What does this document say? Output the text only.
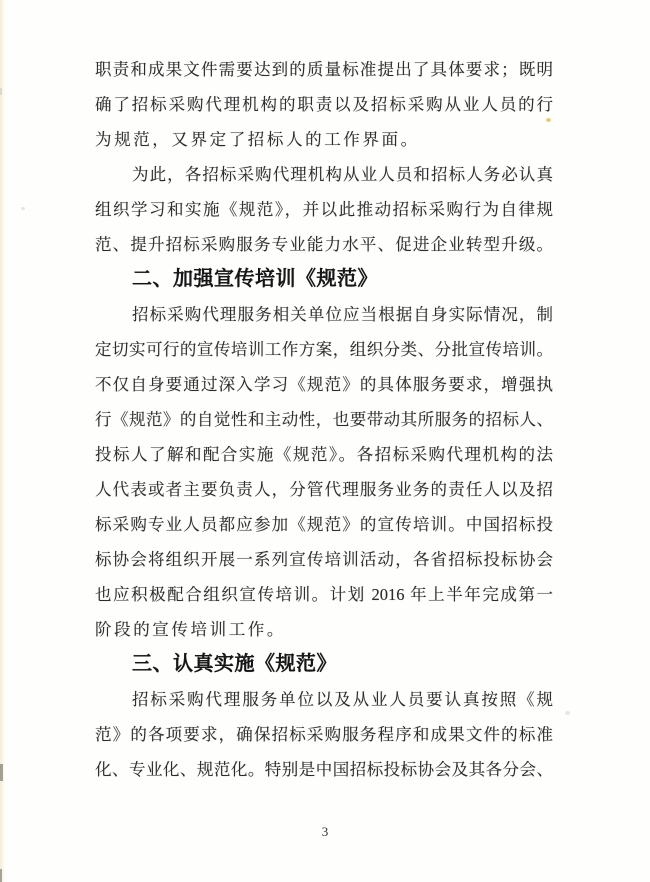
职责和成果文件需要达到的质量标准提出了具体要求；既明
确了招标采购代理机构的职责以及招标采购从业人员的行
为规范，又界定了招标人的工作界面。
为此，各招标采购代理机构从业人员和招标人务必认真
组织学习和实施《规范》，并以此推动招标采购行为自律规
范、提升招标采购服务专业能力水平、促进企业转型升级。
二、加强宣传培训《规范》
招标采购代理服务相关单位应当根据自身实际情况，制
定切实可行的宣传培训工作方案，组织分类、分批宣传培训。
不仅自身要通过深入学习《规范》的具体服务要求，增强执
行《规范》的自觉性和主动性，也要带动其所服务的招标人、
投标人了解和配合实施《规范》。各招标采购代理机构的法
人代表或者主要负责人，分管代理服务业务的责任人以及招
标采购专业人员都应参加《规范》的宣传培训。中国招标投
标协会将组织开展一系列宣传培训活动，各省招标投标协会
也应积极配合组织宣传培训。计划 2016 年上半年完成第一
阶段的宣传培训工作。
三、认真实施《规范》
招标采购代理服务单位以及从业人员要认真按照《规
范》的各项要求，确保招标采购服务程序和成果文件的标准
化、专业化、规范化。特别是中国招标投标协会及其各分会、
3
